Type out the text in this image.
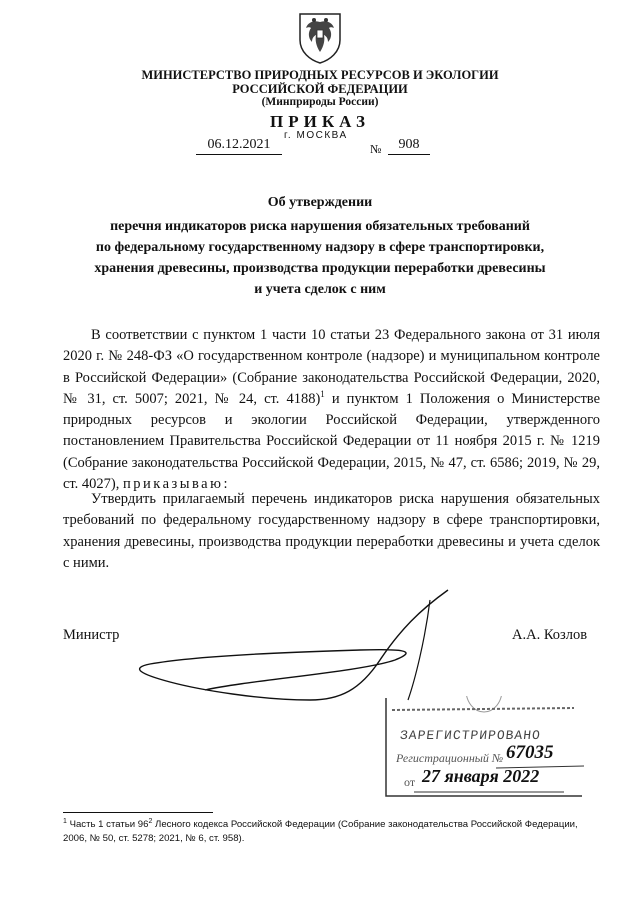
МИНИСТЕРСТВО ПРИРОДНЫХ РЕСУРСОВ И ЭКОЛОГИИ
РОССИЙСКОЙ ФЕДЕРАЦИИ
(Минприроды России)
ПРИКАЗ
г. МОСКВА
06.12.2021	№	908
Об утверждении
перечня индикаторов риска нарушения обязательных требований
по федеральному государственному надзору в сфере транспортировки,
хранения древесины, производства продукции переработки древесины
и учета сделок с ним

В соответствии с пунктом 1 части 10 статьи 23 Федерального закона от 31 июля 2020 г. № 248-ФЗ «О государственном контроле (надзоре) и муниципальном контроле в Российской Федерации» (Собрание законодательства Российской Федерации, 2020, № 31, ст. 5007; 2021, № 24, ст. 4188)$^1$ и пунктом 1 Положения о Министерстве природных ресурсов и экологии Российской Федерации, утвержденного постановлением Правительства Российской Федерации от 11 ноября 2015 г. № 1219 (Собрание законодательства Российской Федерации, 2015, № 47, ст. 6586; 2019, № 29, ст. 4027), приказываю:

Утвердить прилагаемый перечень индикаторов риска нарушения обязательных требований по федеральному государственному надзору в сфере транспортировки, хранения древесины, производства продукции переработки древесины и учета сделок с ними.

Министр	А.А. Козлов
ЗАРЕГИСТРИРОВАНО
Регистрационный № 67035
от 27 января 2022

$^1$ Часть 1 статьи $96^2$ Лесного кодекса Российской Федерации (Собрание законодательства Российской Федерации, 2006, № 50, ст. 5278; 2021, № 6, ст. 958).
